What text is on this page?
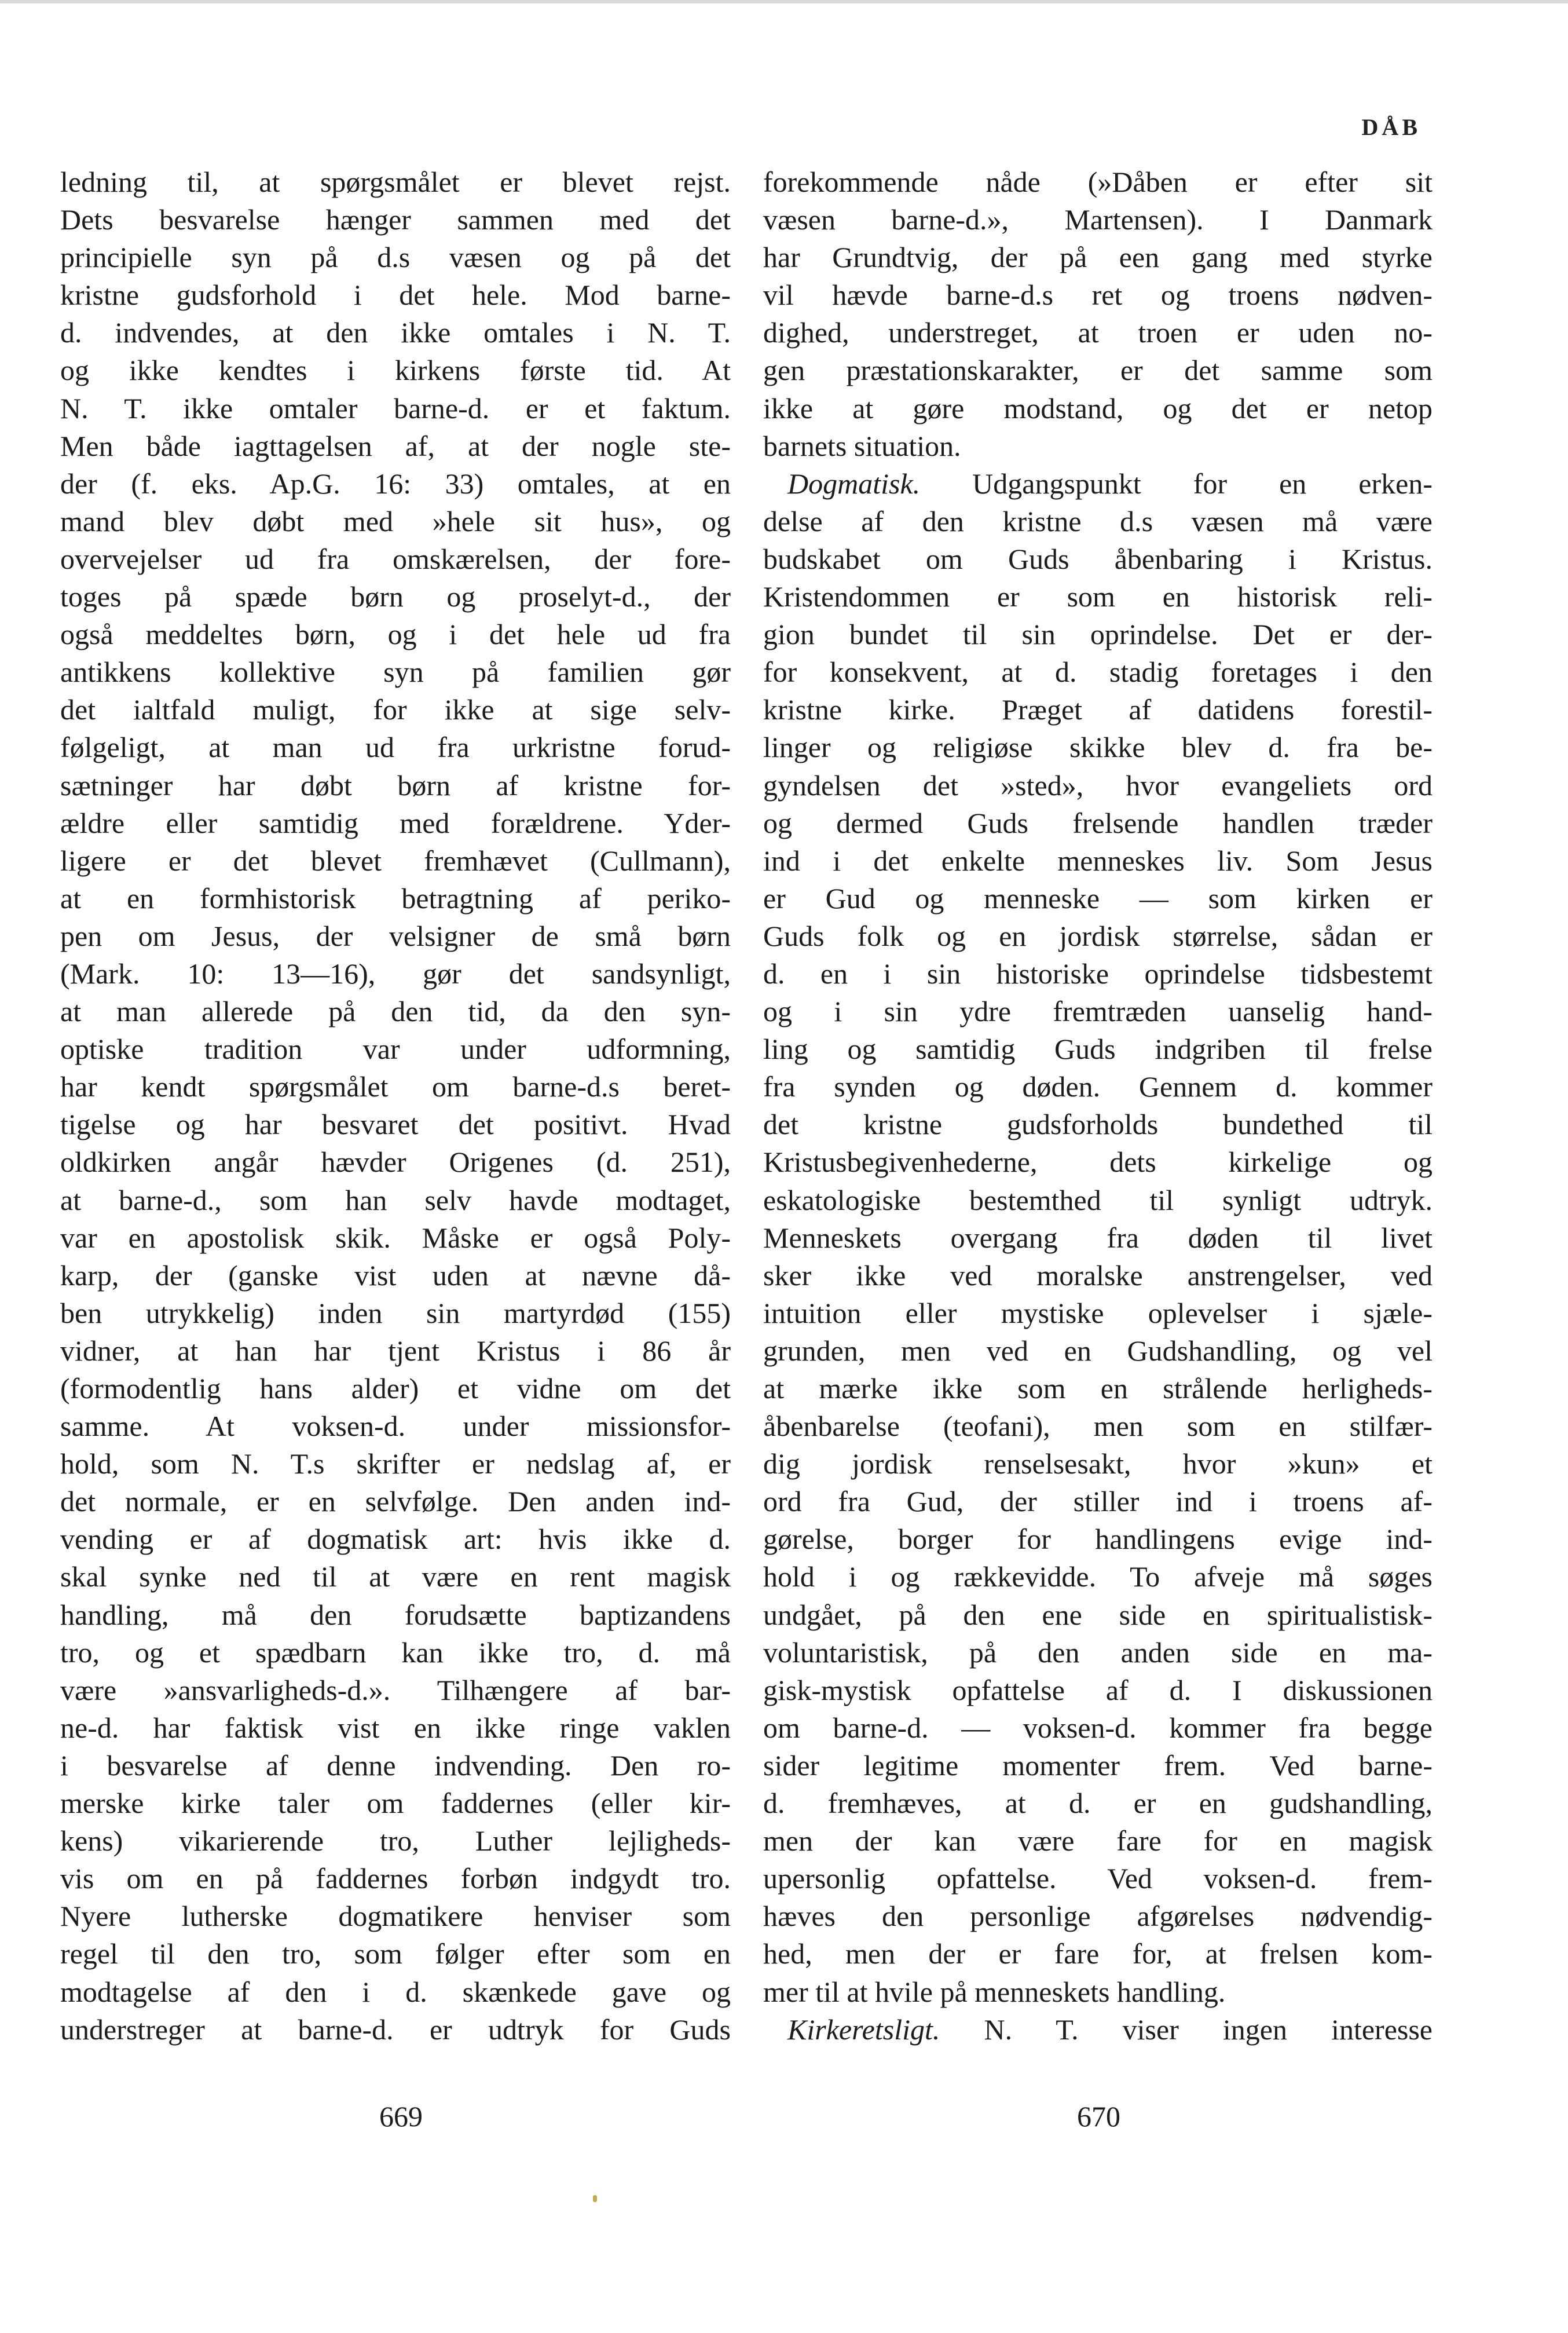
DÅB
ledning til, at spørgsmålet er blevet rejst.
Dets besvarelse hænger sammen med det
principielle syn på d.s væsen og på det
kristne gudsforhold i det hele. Mod barne-
d. indvendes, at den ikke omtales i N. T.
og ikke kendtes i kirkens første tid. At
N. T. ikke omtaler barne-d. er et faktum.
Men både iagttagelsen af, at der nogle ste-
der (f. eks. Ap.G. 16: 33) omtales, at en
mand blev døbt med »hele sit hus», og
overvejelser ud fra omskærelsen, der fore-
toges på spæde børn og proselyt-d., der
også meddeltes børn, og i det hele ud fra
antikkens kollektive syn på familien gør
det ialtfald muligt, for ikke at sige selv-
følgeligt, at man ud fra urkristne forud-
sætninger har døbt børn af kristne for-
ældre eller samtidig med forældrene. Yder-
ligere er det blevet fremhævet (Cullmann),
at en formhistorisk betragtning af periko-
pen om Jesus, der velsigner de små børn
(Mark. 10: 13—16), gør det sandsynligt,
at man allerede på den tid, da den syn-
optiske tradition var under udformning,
har kendt spørgsmålet om barne-d.s beret-
tigelse og har besvaret det positivt. Hvad
oldkirken angår hævder Origenes (d. 251),
at barne-d., som han selv havde modtaget,
var en apostolisk skik. Måske er også Poly-
karp, der (ganske vist uden at nævne då-
ben utrykkelig) inden sin martyrdød (155)
vidner, at han har tjent Kristus i 86 år
(formodentlig hans alder) et vidne om det
samme. At voksen-d. under missionsfor-
hold, som N. T.s skrifter er nedslag af, er
det normale, er en selvfølge. Den anden ind-
vending er af dogmatisk art: hvis ikke d.
skal synke ned til at være en rent magisk
handling, må den forudsætte baptizandens
tro, og et spædbarn kan ikke tro, d. må
være »ansvarligheds-d.». Tilhængere af bar-
ne-d. har faktisk vist en ikke ringe vaklen
i besvarelse af denne indvending. Den ro-
merske kirke taler om faddernes (eller kir-
kens) vikarierende tro, Luther lejligheds-
vis om en på faddernes forbøn indgydt tro.
Nyere lutherske dogmatikere henviser som
regel til den tro, som følger efter som en
modtagelse af den i d. skænkede gave og
understreger at barne-d. er udtryk for Guds
forekommende nåde (»Dåben er efter sit
væsen barne-d.», Martensen). I Danmark
har Grundtvig, der på een gang med styrke
vil hævde barne-d.s ret og troens nødven-
dighed, understreget, at troen er uden no-
gen præstationskarakter, er det samme som
ikke at gøre modstand, og det er netop
barnets situation.
Dogmatisk. Udgangspunkt for en erken-
delse af den kristne d.s væsen må være
budskabet om Guds åbenbaring i Kristus.
Kristendommen er som en historisk reli-
gion bundet til sin oprindelse. Det er der-
for konsekvent, at d. stadig foretages i den
kristne kirke. Præget af datidens forestil-
linger og religiøse skikke blev d. fra be-
gyndelsen det »sted», hvor evangeliets ord
og dermed Guds frelsende handlen træder
ind i det enkelte menneskes liv. Som Jesus
er Gud og menneske — som kirken er
Guds folk og en jordisk størrelse, sådan er
d. en i sin historiske oprindelse tidsbestemt
og i sin ydre fremtræden uanselig hand-
ling og samtidig Guds indgriben til frelse
fra synden og døden. Gennem d. kommer
det kristne gudsforholds bundethed til
Kristusbegivenhederne, dets kirkelige og
eskatologiske bestemthed til synligt udtryk.
Menneskets overgang fra døden til livet
sker ikke ved moralske anstrengelser, ved
intuition eller mystiske oplevelser i sjæle-
grunden, men ved en Gudshandling, og vel
at mærke ikke som en strålende herligheds-
åbenbarelse (teofani), men som en stilfær-
dig jordisk renselsesakt, hvor »kun» et
ord fra Gud, der stiller ind i troens af-
gørelse, borger for handlingens evige ind-
hold i og rækkevidde. To afveje må søges
undgået, på den ene side en spiritualistisk-
voluntaristisk, på den anden side en ma-
gisk-mystisk opfattelse af d. I diskussionen
om barne-d. — voksen-d. kommer fra begge
sider legitime momenter frem. Ved barne-
d. fremhæves, at d. er en gudshandling,
men der kan være fare for en magisk
upersonlig opfattelse. Ved voksen-d. frem-
hæves den personlige afgørelses nødvendig-
hed, men der er fare for, at frelsen kom-
mer til at hvile på menneskets handling.
Kirkeretsligt. N. T. viser ingen interesse
669	670
